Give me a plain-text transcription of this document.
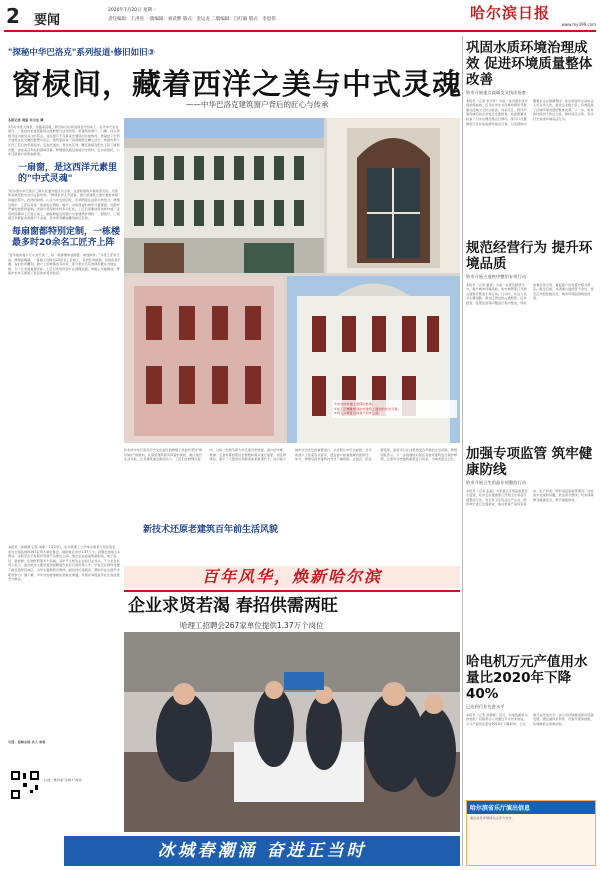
2 要闻
2020年7月20日 星期一
责任编辑：王洪亮 一版编辑：刘武晔 版式：金运龙 二版编辑：吕红毅 版式：李恩伟	哈尔滨日报
www.my399.com
"探秘中华巴洛克"系列报道·修旧如旧③
窗棂间，藏着西洋之美与中式灵魂
——中华巴洛克建筑窗户背后的匠心与传承
本报记者 周星 实习生 谭
3月哈市进入春季，伴随着回暖，修旧如旧的改造项目纷纷动工。在中华巴洛克街区，一批批历史建筑陆续完成修缮与活化利用，老建筑的窗户、门楣、柱头等细节成为最受关注的亮点。这些窗户不仅是采光通风的功能构件，更凝结了中西方建筑文化交融的智慧与匠心。建筑里的每一扇窗都经过精心设计，体现出那个年代工匠们的审美追求。走进老道外，青砖灰瓦间，雕花窗棂在阳光下投下斑驳光影，讲述着百年前的商埠往事。修缮团队通过查阅历史资料、走访老居民，力求还原窗户的原始样貌。
一扇窗，是这西洋元素里的"中式灵魂"
"哈尔滨中华巴洛克三期以老道外街区为主体，这里的建筑外观是西式的，内部却是典型的中式四合院布局。"修缮负责人介绍说，窗户是建筑立面中最能体现风格的部分，西洋的拱券、山花与中式的回纹、花草图案在这里巧妙结合。修缮过程中，工匠们对每一扇窗进行测绘、编号，对能保留的构件尽量保留，对损坏严重的按原样复制。老窗户使用的木料多为红松，工匠们需要选用同样材质，采用传统榫卯工艺进行加工，确保修复后的窗户与原建筑协调统一。据统计，三期街区共修复各类窗户千余扇，其中带有精美雕刻的近百扇。
每扇窗都特别定制，一栋楼最多时20余名工匠齐上阵
"百年前的窗户尺寸并不统一，每一扇都要单独测量、单独制作。"木作工匠老王说，修缮高峰期，一栋楼上同时有20余名工匠施工，有的负责拆卸，有的负责打磨，有的负责雕刻。窗户上的玻璃也有讲究，部分老式压花玻璃需要从外地定制。为了让老窗重现光彩，工匠们先用传统方法清理表面，再刷上多遍桐油，既保护木材又保留了原有的质感和色泽。
①中式的老楼上窗棂的装饰。
②在工匠精雕细刻的老建筑上遇到的中式元素。
③同义兴修复后的窗户和外立面。
哈尔滨中华巴洛克历史文化街区的修缮工作始终坚持"修旧如旧"的原则，在保留建筑原有风貌的同时，融入现代生活功能，让老建筑焕发新的活力。工匠们在修缮过程中，对每一处细节都力求还原历史原貌，窗户的木框、玻璃、五金件都按照历史图纸和照片进行复原。街区修缮后，吸引了大量市民和游客前来参观打卡，成为展示城市历史文化的重要窗口。从老照片中可以看到，当年的窗户上挂着各式窗帘，透过窗户能看到屋内的陈设。如今，修缮后的老建筑内开设了咖啡馆、文创店、民俗展馆等，游客可以在这里感受百年前的生活氛围。修缮团队表示，下一步将继续对街区其他老建筑进行保护修缮，让更多历史建筑重现昔日风采，为城市留住记忆。
新技术还原老建筑百年前生活风貌
百年风华，焕新哈尔滨
本报讯（孙婷婷 记者 刘新）7月23日，哈尔滨理工大学举办春季大型双选会，来自全国各地的267家用人单位参会，提供就业岗位1.37万个。招聘会现场人头攒动，求职学生手持简历穿梭于各展位之间。参会企业涵盖装备制造、电子信息、新能源、生物医药等多个领域，其中不乏知名企业和行业龙头。不少企业负责人表示，此次前来主要是希望招聘到专业对口的优秀人才。学校还在现场设置了就业指导咨询区，为学生提供简历修改、面试技巧等服务，帮助毕业生提升求职竞争力。据了解，今年该校将继续拓宽就业渠道，多措并举促进毕业生高质量充分就业。
企业求贤若渴 春招供需两旺
哈理工招聘会267家单位提供1.37万个岗位
冰城春潮涌 奋进正当时
扫描二维码看"冰城+"视频
右图：起舞全城 冰人 参观
巩固水质环境治理成效 促进环境质量整体改善
哈市开展重点流域交叉执法检查
本报讯（记者 李学军）为进一步巩固水质环境治理成效，近日哈市生态环境局组织开展重点流域交叉执法检查，对松花江、阿什河等流域沿线企业进行全面排查。检查组重点检查了污水处理设施运行情况、排污口设置情况以及在线监测设备运行等，对发现的问题要求企业限期整改。此次检查共出动执法人员百余人次，检查企业数十家，有效促进了区域环境质量的整体改善。下一步，哈市将持续加大执法力度，保持高压态势，坚决打击各类环境违法行为。
规范经营行为 提升环境品质
哈市开展占道秩序整治专项行动
本报讯（记者 董萱）为进一步规范经营行为，提升城市环境品质，哈市城管部门开展占道秩序整治专项行动。行动中，执法人员对主要街路、商业区周边的占道经营、店外经营、乱摆乱放等问题进行集中整治，同时加强宣传引导，督促商户自觉遵守相关规定。截至目前，共清理占道经营千余处，规范店外经营数百处，城市环境面貌明显改善。
加强专项监管 筑牢健康防线
哈市开展卫生用品专项整治行动
本报讯（记者 张晶）为加强卫生用品质量安全监管，哈市卫生健康部门开展卫生用品专项整治行动，对全市卫生用品生产企业、经营单位进行全面检查，重点检查产品标签标识、生产资质、原料进货查验等情况。对检查中发现的问题，依法责令整改，切实保障群众健康安全，筑牢健康防线。
哈电机万元产值用水量比2020年下降40%
已达到行业先进水平
本报讯（记者 孙婷婷）近日，哈电集团哈尔滨电机厂有限责任公司通过节水技术改造，万元产值用水量较2020年下降40%，已达到行业先进水平。该公司持续推进绿色低碳发展，通过循环水利用、设备升级等措施，有效降低水资源消耗。
哈尔滨省乐厅演出信息
演出信息详情请关注官方发布。
